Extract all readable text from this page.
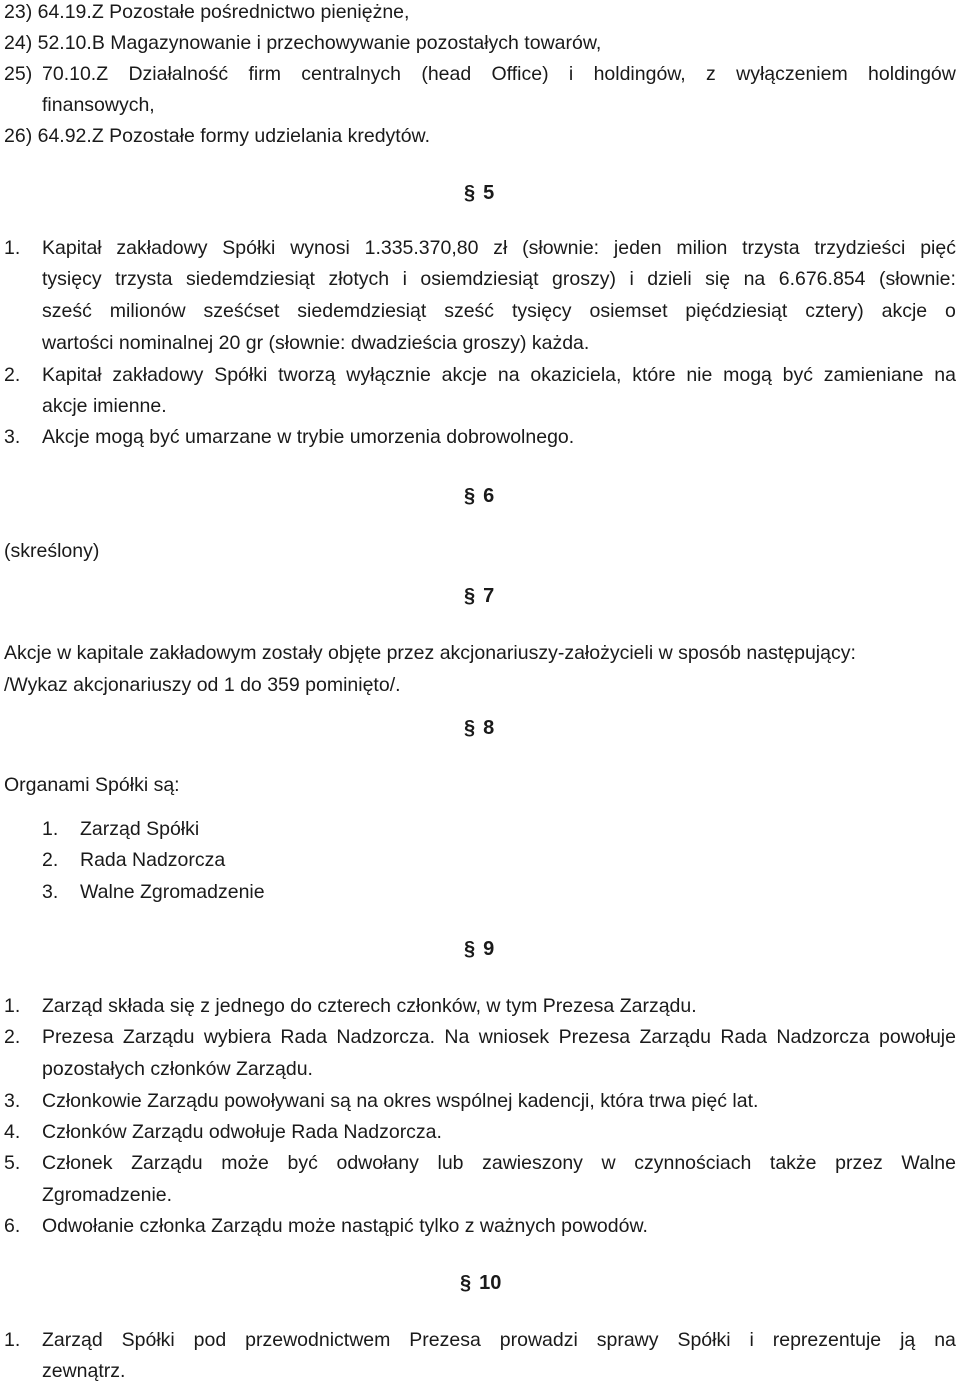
23) 64.19.Z Pozostałe pośrednictwo pieniężne,
24) 52.10.B Magazynowanie i przechowywanie pozostałych towarów,
25) 70.10.Z Działalność firm centralnych (head Office) i holdingów, z wyłączeniem holdingów
finansowych,
26) 64.92.Z Pozostałe formy udzielania kredytów.
§ 5
1. Kapitał zakładowy Spółki wynosi 1.335.370,80 zł (słownie: jeden milion trzysta trzydzieści pięć
tysięcy trzysta siedemdziesiąt złotych i osiemdziesiąt groszy) i dzieli się na 6.676.854 (słownie:
sześć milionów sześćset siedemdziesiąt sześć tysięcy osiemset pięćdziesiąt cztery) akcje o
wartości nominalnej 20 gr (słownie: dwadzieścia groszy) każda.
2. Kapitał zakładowy Spółki tworzą wyłącznie akcje na okaziciela, które nie mogą być zamieniane na
akcje imienne.
3. Akcje mogą być umarzane w trybie umorzenia dobrowolnego.
§ 6
(skreślony)
§ 7
Akcje w kapitale zakładowym zostały objęte przez akcjonariuszy-założycieli w sposób następujący:
/Wykaz akcjonariuszy od 1 do 359 pominięto/.
§ 8
Organami Spółki są:
1. Zarząd Spółki
2. Rada Nadzorcza
3. Walne Zgromadzenie
§ 9
1. Zarząd składa się z jednego do czterech członków, w tym Prezesa Zarządu.
2. Prezesa Zarządu wybiera Rada Nadzorcza. Na wniosek Prezesa Zarządu Rada Nadzorcza powołuje
pozostałych członków Zarządu.
3. Członkowie Zarządu powoływani są na okres wspólnej kadencji, która trwa pięć lat.
4. Członków Zarządu odwołuje Rada Nadzorcza.
5. Członek Zarządu może być odwołany lub zawieszony w czynnościach także przez Walne
Zgromadzenie.
6. Odwołanie członka Zarządu może nastąpić tylko z ważnych powodów.
§ 10
1. Zarząd Spółki pod przewodnictwem Prezesa prowadzi sprawy Spółki i reprezentuje ją na
zewnątrz.
